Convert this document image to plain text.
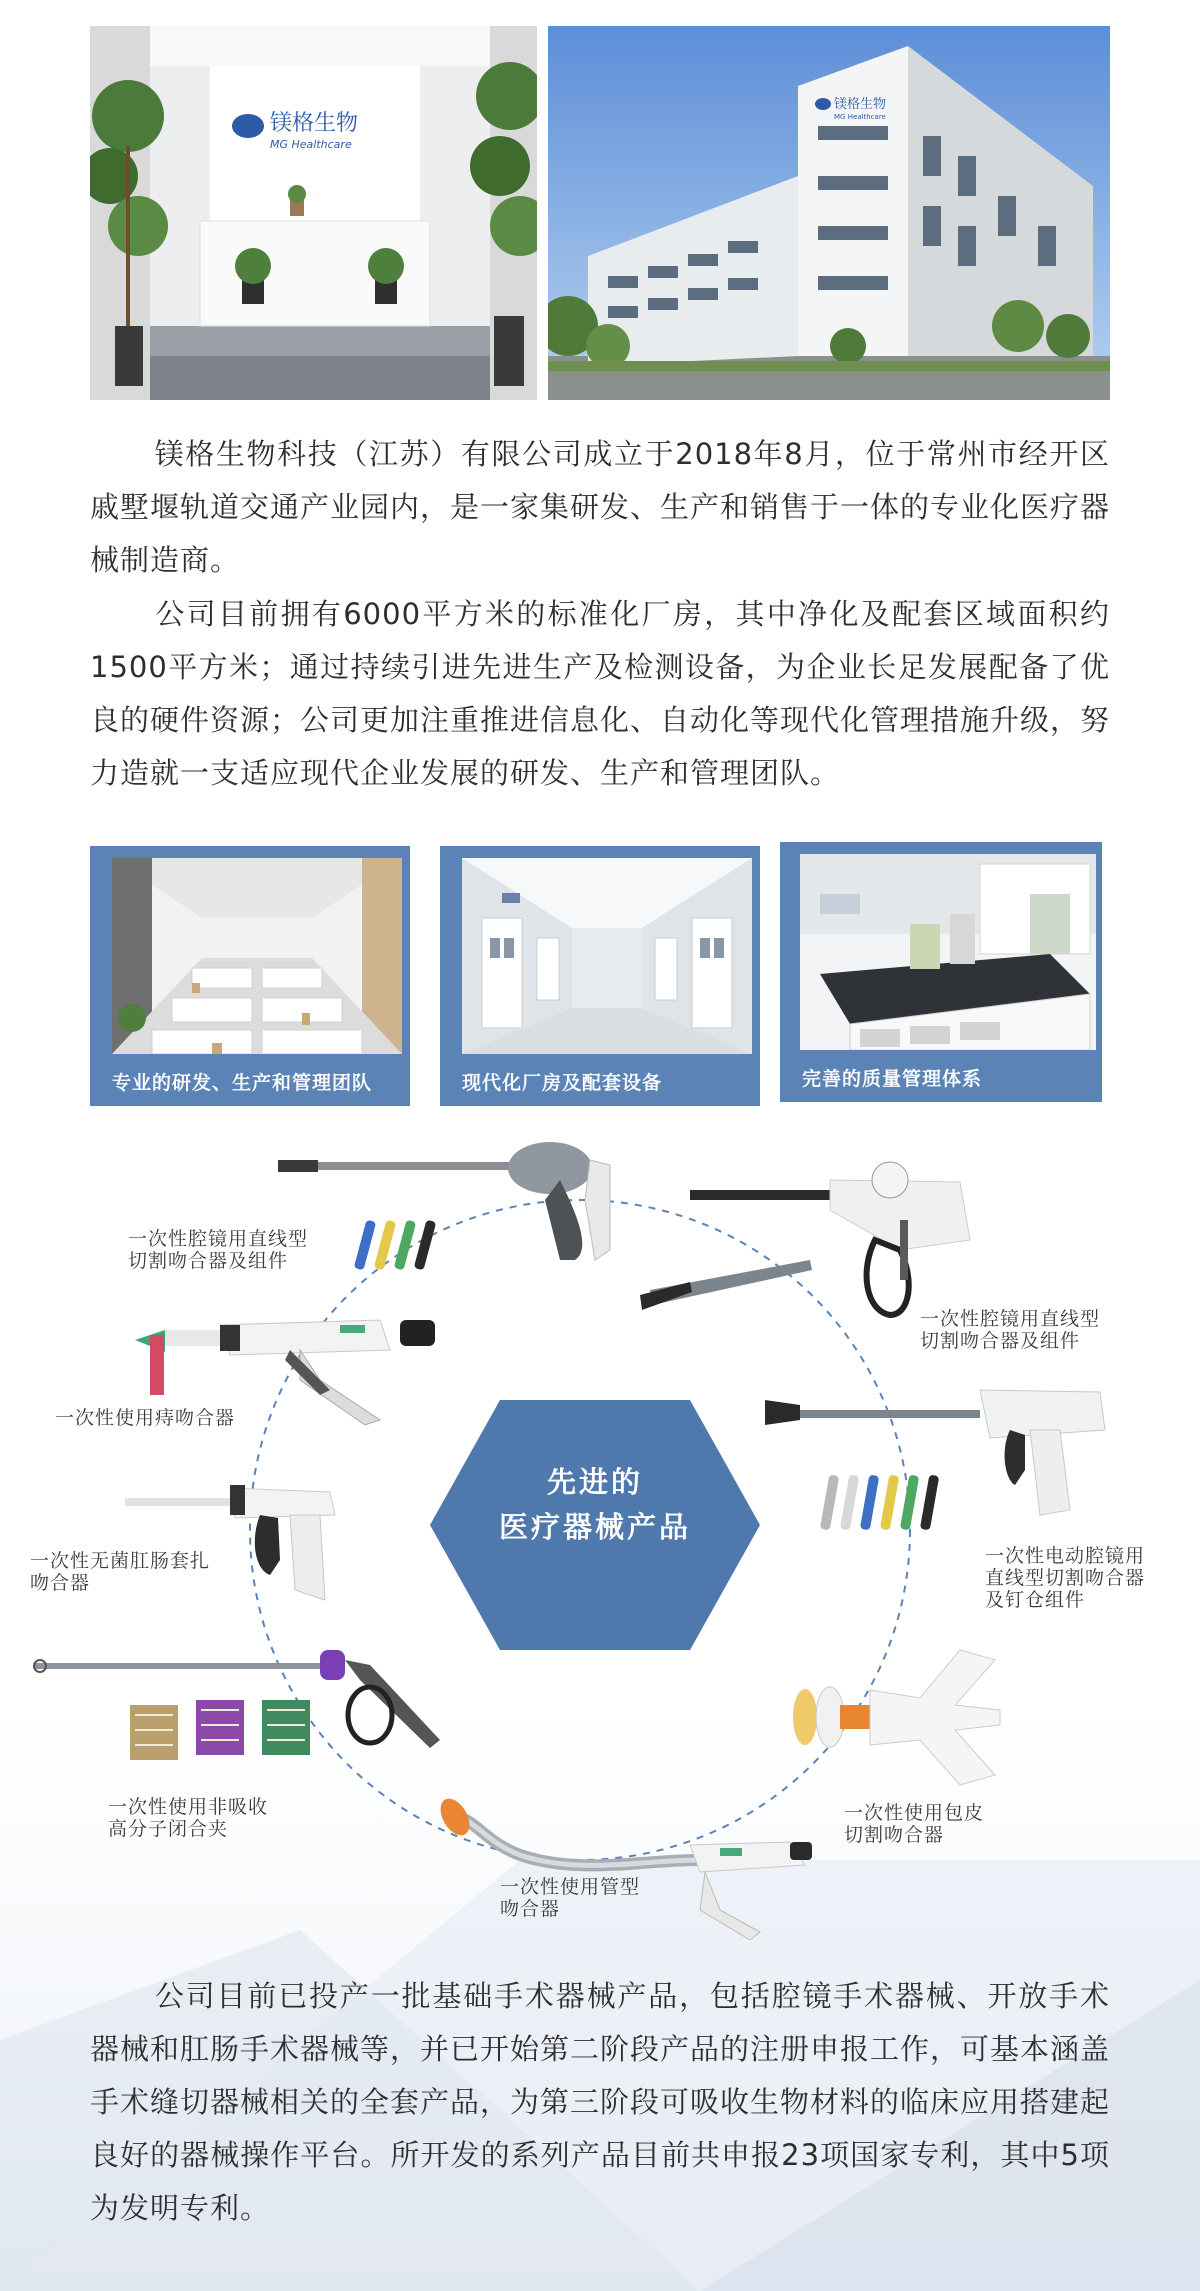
镁格生物
MG Healthcare
镁格生物
MG Healthcare

镁格生物科技（江苏）有限公司成立于2018年8月，位于常州市经开区戚墅堰轨道交通产业园内，是一家集研发、生产和销售于一体的专业化医疗器械制造商。

公司目前拥有6000平方米的标准化厂房，其中净化及配套区域面积约1500平方米；通过持续引进先进生产及检测设备，为企业长足发展配备了优良的硬件资源；公司更加注重推进信息化、自动化等现代化管理措施升级，努力造就一支适应现代企业发展的研发、生产和管理团队。

专业的研发、生产和管理团队	现代化厂房及配套设备	完善的质量管理体系
先进的
医疗器械产品
一次性腔镜用直线型
切割吻合器及组件
一次性腔镜用直线型
切割吻合器及组件
一次性使用痔吻合器
一次性电动腔镜用
直线型切割吻合器
及钉仓组件
一次性无菌肛肠套扎
吻合器
一次性使用非吸收
高分子闭合夹
一次性使用包皮
切割吻合器
一次性使用管型
吻合器

公司目前已投产一批基础手术器械产品，包括腔镜手术器械、开放手术器械和肛肠手术器械等，并已开始第二阶段产品的注册申报工作，可基本涵盖手术缝切器械相关的全套产品，为第三阶段可吸收生物材料的临床应用搭建起良好的器械操作平台。所开发的系列产品目前共申报23项国家专利，其中5项为发明专利。
